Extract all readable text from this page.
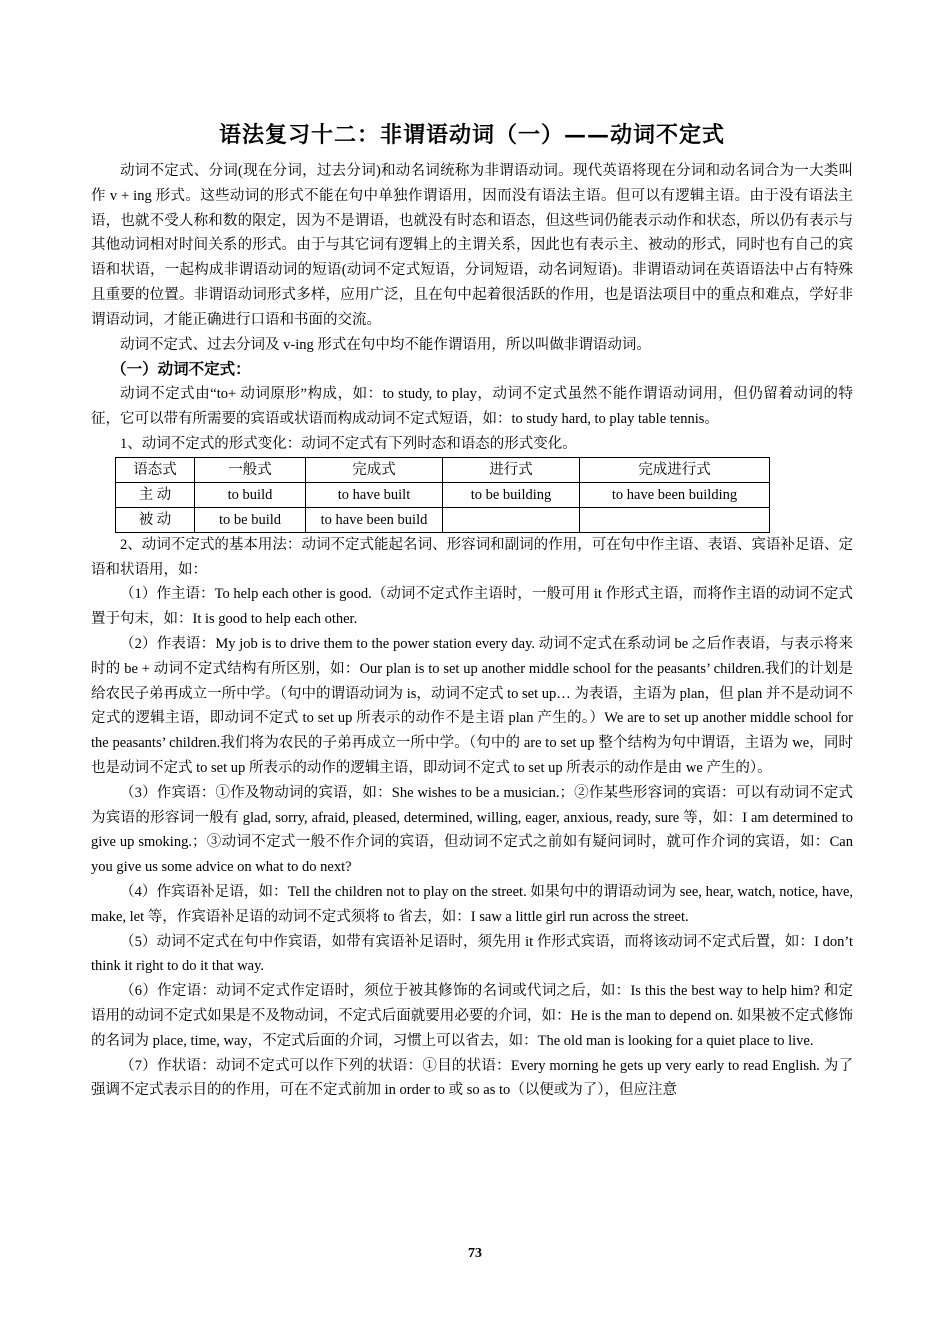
语法复习十二：非谓语动词（一）——动词不定式

动词不定式、分词(现在分词，过去分词)和动名词统称为非谓语动词。现代英语将现在分词和动名词合为一大类叫作 v + ing 形式。这些动词的形式不能在句中单独作谓语用，因而没有语法主语。但可以有逻辑主语。由于没有语法主语，也就不受人称和数的限定，因为不是谓语，也就没有时态和语态，但这些词仍能表示动作和状态，所以仍有表示与其他动词相对时间关系的形式。由于与其它词有逻辑上的主谓关系，因此也有表示主、被动的形式，同时也有自己的宾语和状语，一起构成非谓语动词的短语(动词不定式短语，分词短语，动名词短语)。非谓语动词在英语语法中占有特殊且重要的位置。非谓语动词形式多样，应用广泛，且在句中起着很活跃的作用，也是语法项目中的重点和难点，学好非谓语动词，才能正确进行口语和书面的交流。

动词不定式、过去分词及 v-ing 形式在句中均不能作谓语用，所以叫做非谓语动词。

（一）动词不定式：

动词不定式由“to+ 动词原形”构成，如：to study, to play，动词不定式虽然不能作谓语动词用，但仍留着动词的特征，它可以带有所需要的宾语或状语而构成动词不定式短语，如：to study hard, to play table tennis。

1、动词不定式的形式变化：动词不定式有下列时态和语态的形式变化。

语态式	一般式	完成式	进行式	完成进行式
主 动	to build	to have built	to be building	to have been building
被 动	to be build	to have been build		

2、动词不定式的基本用法：动词不定式能起名词、形容词和副词的作用，可在句中作主语、表语、宾语补足语、定语和状语用，如：

（1）作主语：To help each other is good.（动词不定式作主语时，一般可用 it 作形式主语，而将作主语的动词不定式置于句末，如：It is good to help each other.

（2）作表语：My job is to drive them to the power station every day. 动词不定式在系动词 be 之后作表语，与表示将来时的 be + 动词不定式结构有所区别，如：Our plan is to set up another middle school for the peasants’ children.我们的计划是给农民子弟再成立一所中学。（句中的谓语动词为 is，动词不定式 to set up… 为表语，主语为 plan，但 plan 并不是动词不定式的逻辑主语，即动词不定式 to set up 所表示的动作不是主语 plan 产生的。）We are to set up another middle school for the peasants’ children.我们将为农民的子弟再成立一所中学。（句中的 are to set up 整个结构为句中谓语，主语为 we，同时也是动词不定式 to set up 所表示的动作的逻辑主语，即动词不定式 to set up 所表示的动作是由 we 产生的）。

（3）作宾语：①作及物动词的宾语，如：She wishes to be a musician.；②作某些形容词的宾语：可以有动词不定式为宾语的形容词一般有 glad, sorry, afraid, pleased, determined, willing, eager, anxious, ready, sure 等，如：I am determined to give up smoking.；③动词不定式一般不作介词的宾语，但动词不定式之前如有疑问词时，就可作介词的宾语，如：Can you give us some advice on what to do next?

（4）作宾语补足语，如：Tell the children not to play on the street. 如果句中的谓语动词为 see, hear, watch, notice, have, make, let 等，作宾语补足语的动词不定式须将 to 省去，如：I saw a little girl run across the street.

（5）动词不定式在句中作宾语，如带有宾语补足语时，须先用 it 作形式宾语，而将该动词不定式后置，如：I don’t think it right to do it that way.

（6）作定语：动词不定式作定语时，须位于被其修饰的名词或代词之后，如：Is this the best way to help him? 和定语用的动词不定式如果是不及物动词，不定式后面就要用必要的介词，如：He is the man to depend on. 如果被不定式修饰的名词为 place, time, way，不定式后面的介词，习惯上可以省去，如：The old man is looking for a quiet place to live.

（7）作状语：动词不定式可以作下列的状语：①目的状语：Every morning he gets up very early to read English. 为了强调不定式表示目的的作用，可在不定式前加 in order to 或 so as to（以便或为了），但应注意

73
